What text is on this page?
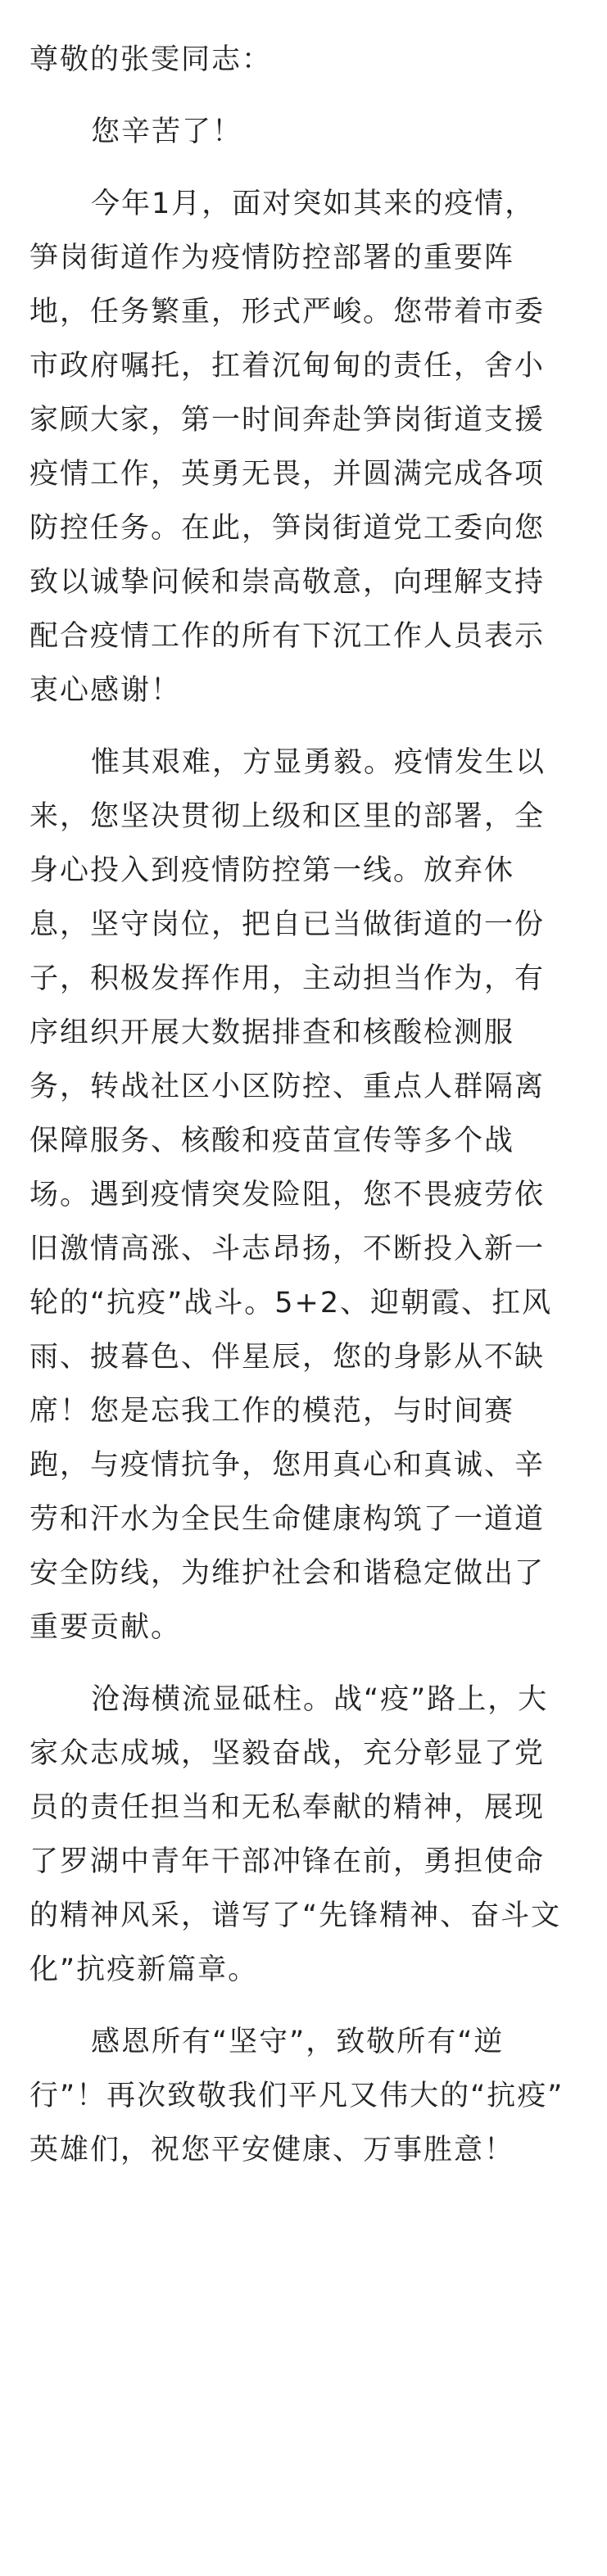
尊敬的张雯同志：
您辛苦了！
今年1月，面对突如其来的疫情，
笋岗街道作为疫情防控部署的重要阵
地，任务繁重，形式严峻。您带着市委
市政府嘱托，扛着沉甸甸的责任，舍小
家顾大家，第一时间奔赴笋岗街道支援
疫情工作，英勇无畏，并圆满完成各项
防控任务。在此，笋岗街道党工委向您
致以诚挚问候和崇高敬意，向理解支持
配合疫情工作的所有下沉工作人员表示
衷心感谢！
惟其艰难，方显勇毅。疫情发生以
来，您坚决贯彻上级和区里的部署，全
身心投入到疫情防控第一线。放弃休
息，坚守岗位，把自已当做街道的一份
子，积极发挥作用，主动担当作为，有
序组织开展大数据排查和核酸检测服
务，转战社区小区防控、重点人群隔离
保障服务、核酸和疫苗宣传等多个战
场。遇到疫情突发险阻，您不畏疲劳依
旧激情高涨、斗志昂扬，不断投入新一
轮的“抗疫”战斗。5+2、迎朝霞、扛风
雨、披暮色、伴星辰，您的身影从不缺
席！您是忘我工作的模范，与时间赛
跑，与疫情抗争，您用真心和真诚、辛
劳和汗水为全民生命健康构筑了一道道
安全防线，为维护社会和谐稳定做出了
重要贡献。
沧海横流显砥柱。战“疫”路上，大
家众志成城，坚毅奋战，充分彰显了党
员的责任担当和无私奉献的精神，展现
了罗湖中青年干部冲锋在前，勇担使命
的精神风采，谱写了“先锋精神、奋斗文
化”抗疫新篇章。
感恩所有“坚守”，致敬所有“逆
行”！再次致敬我们平凡又伟大的“抗疫”
英雄们，祝您平安健康、万事胜意！
